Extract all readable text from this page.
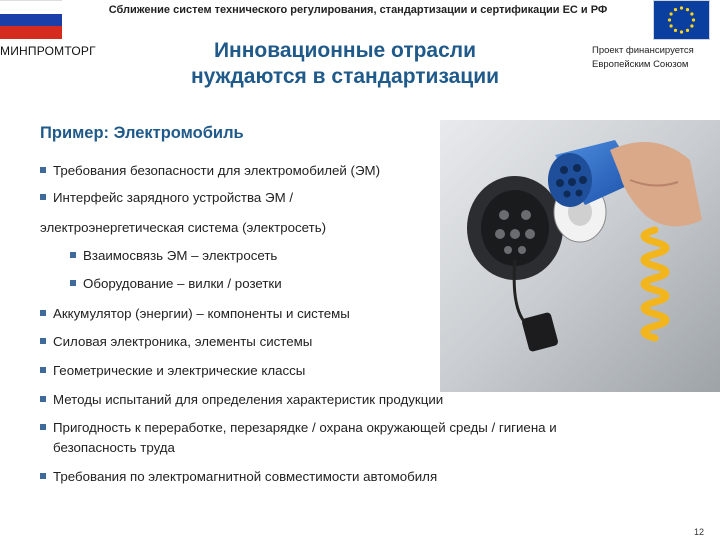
Сближение систем технического регулирования, стандартизации и сертификации ЕС и РФ
МИНПРОМТОРГ	Инновационные отрасли
нуждаются в стандартизации
Проект финансируется
Европейским Союзом
Пример: Электромобиль
Требования безопасности для электромобилей (ЭМ)
Интерфейс зарядного устройства ЭМ /
электроэнергетическая система (электросеть)
Взаимосвязь ЭМ – электросеть
Оборудование – вилки / розетки
Аккумулятор (энергии) – компоненты и системы
Силовая электроника, элементы системы
Геометрические и электрические классы
Методы испытаний для определения характеристик продукции
Пригодность к переработке, перезарядке / охрана окружающей среды / гигиена и
безопасность труда
Требования по электромагнитной совместимости автомобиля
12
